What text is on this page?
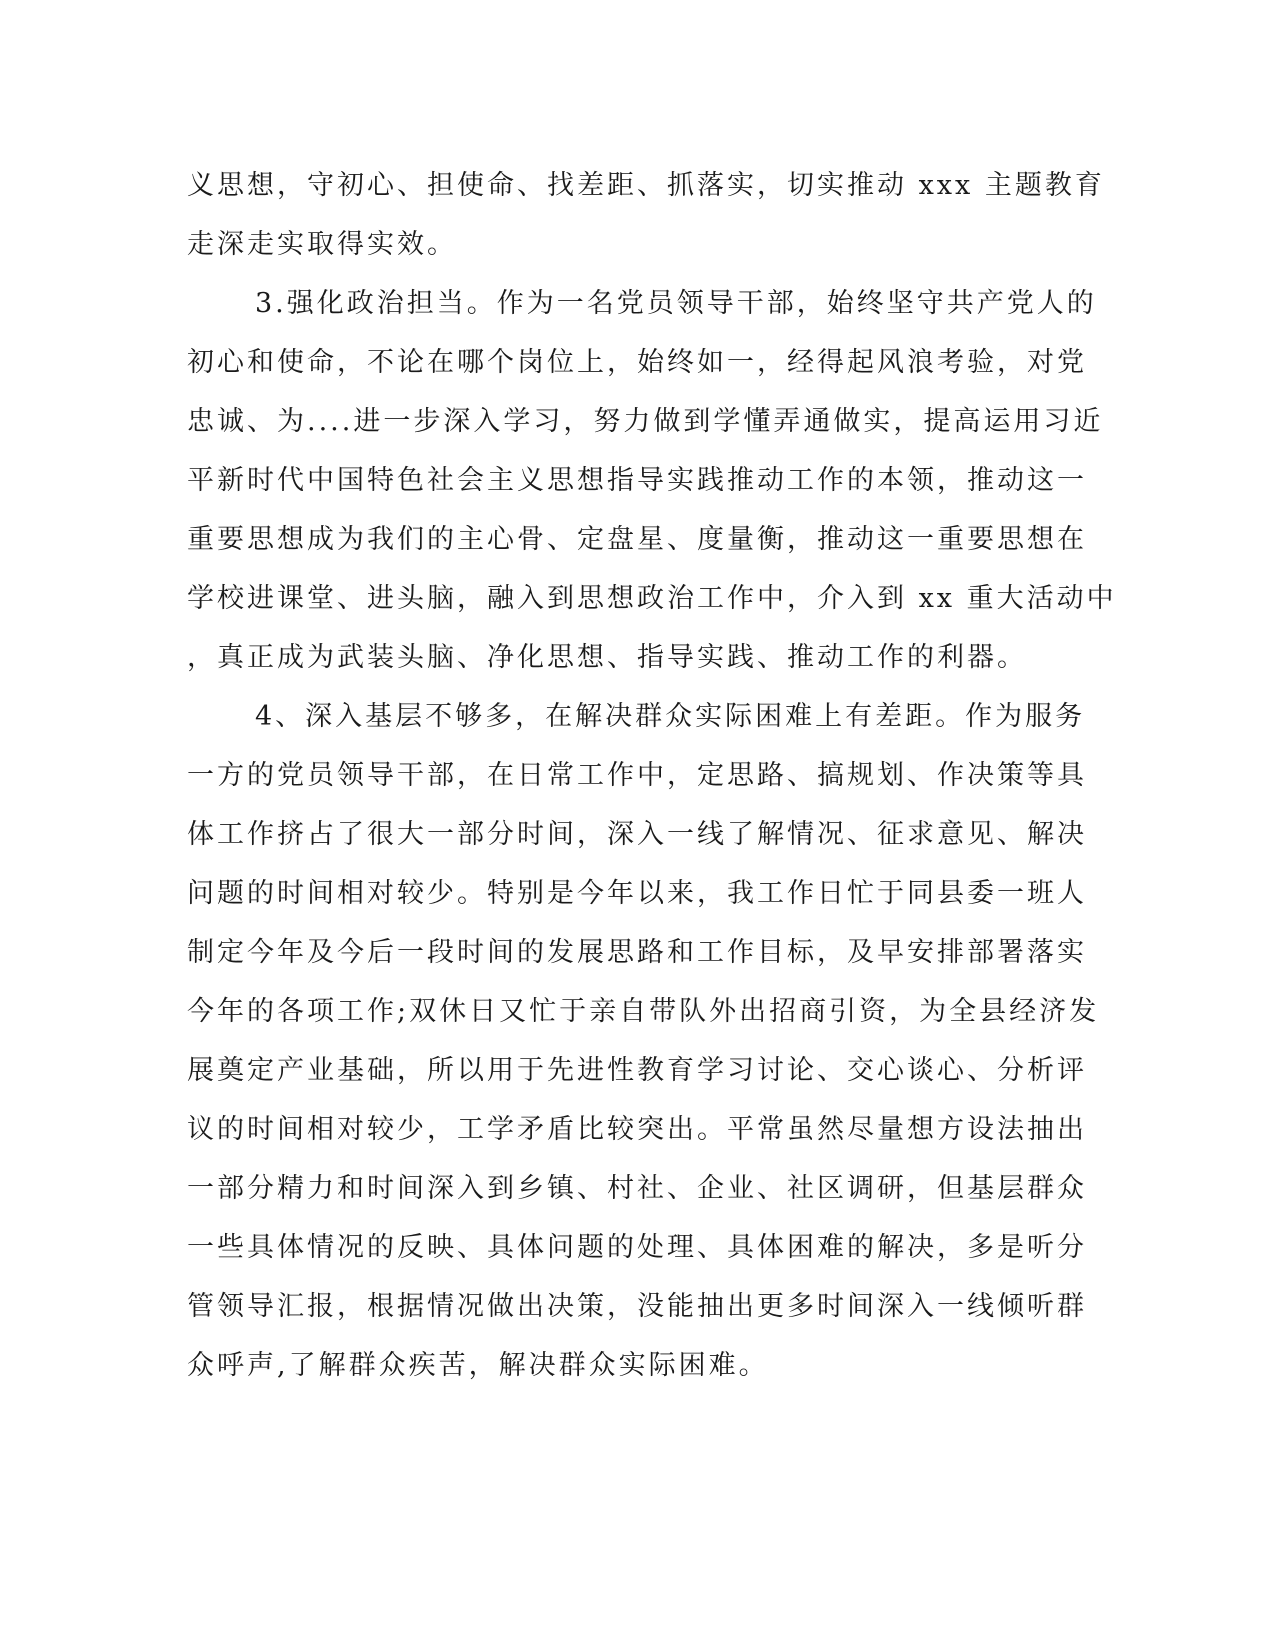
义思想，守初心、担使命、找差距、抓落实，切实推动 xxx 主题教育
走深走实取得实效。
3.强化政治担当。作为一名党员领导干部，始终坚守共产党人的
初心和使命，不论在哪个岗位上，始终如一，经得起风浪考验，对党
忠诚、为....进一步深入学习，努力做到学懂弄通做实，提高运用习近
平新时代中国特色社会主义思想指导实践推动工作的本领，推动这一
重要思想成为我们的主心骨、定盘星、度量衡，推动这一重要思想在
学校进课堂、进头脑，融入到思想政治工作中，介入到 xx 重大活动中
，真正成为武装头脑、净化思想、指导实践、推动工作的利器。
4、深入基层不够多，在解决群众实际困难上有差距。作为服务
一方的党员领导干部，在日常工作中，定思路、搞规划、作决策等具
体工作挤占了很大一部分时间，深入一线了解情况、征求意见、解决
问题的时间相对较少。特别是今年以来，我工作日忙于同县委一班人
制定今年及今后一段时间的发展思路和工作目标，及早安排部署落实
今年的各项工作;双休日又忙于亲自带队外出招商引资，为全县经济发
展奠定产业基础，所以用于先进性教育学习讨论、交心谈心、分析评
议的时间相对较少，工学矛盾比较突出。平常虽然尽量想方设法抽出
一部分精力和时间深入到乡镇、村社、企业、社区调研，但基层群众
一些具体情况的反映、具体问题的处理、具体困难的解决，多是听分
管领导汇报，根据情况做出决策，没能抽出更多时间深入一线倾听群
众呼声,了解群众疾苦，解决群众实际困难。
